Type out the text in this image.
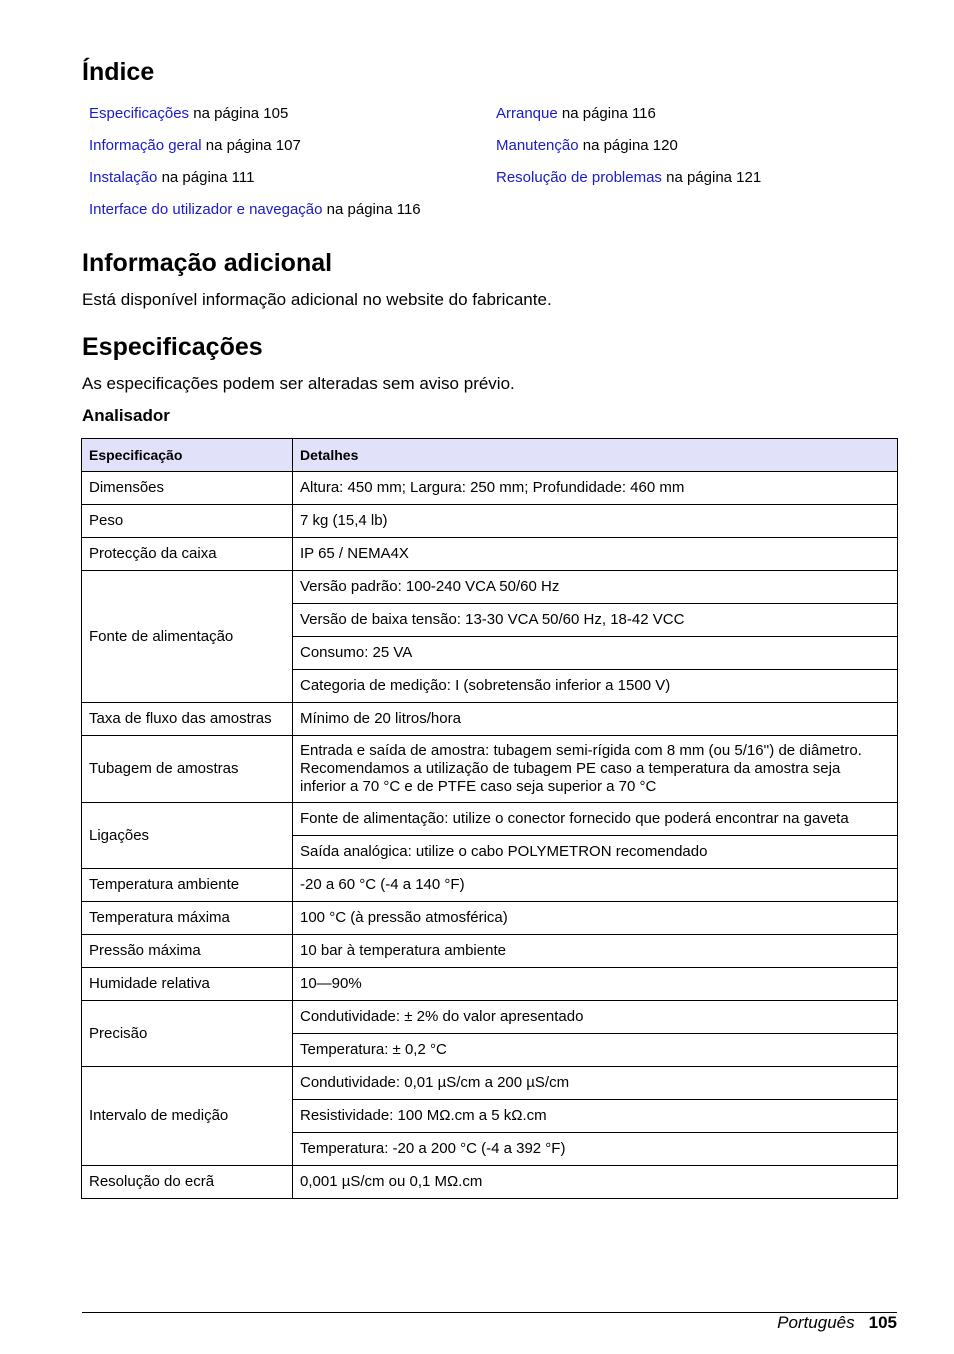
Índice
Especificações na página 105
Informação geral na página 107
Instalação na página 111
Interface do utilizador e navegação na página 116
Arranque na página 116
Manutenção na página 120
Resolução de problemas na página 121
Informação adicional

Está disponível informação adicional no website do fabricante.

Especificações

As especificações podem ser alteradas sem aviso prévio.

Analisador
Especificação	Detalhes
Dimensões	Altura: 450 mm; Largura: 250 mm; Profundidade: 460 mm
Peso	7 kg (15,4 lb)
Protecção da caixa	IP 65 / NEMA4X
Fonte de alimentação	Versão padrão: 100-240 VCA 50/60 Hz
	Versão de baixa tensão: 13-30 VCA 50/60 Hz, 18-42 VCC
	Consumo: 25 VA
	Categoria de medição: I (sobretensão inferior a 1500 V)
Taxa de fluxo das amostras	Mínimo de 20 litros/hora
Tubagem de amostras	Entrada e saída de amostra: tubagem semi-rígida com 8 mm (ou 5/16'') de diâmetro. Recomendamos a utilização de tubagem PE caso a temperatura da amostra seja inferior a 70 °C e de PTFE caso seja superior a 70 °C
Ligações	Fonte de alimentação: utilize o conector fornecido que poderá encontrar na gaveta
	Saída analógica: utilize o cabo POLYMETRON recomendado
Temperatura ambiente	-20 a 60 °C (-4 a 140 °F)
Temperatura máxima	100 °C (à pressão atmosférica)
Pressão máxima	10 bar à temperatura ambiente
Humidade relativa	10—90%
Precisão	Condutividade: ± 2% do valor apresentado
	Temperatura: ± 0,2 °C
Intervalo de medição	Condutividade: 0,01 µS/cm a 200 µS/cm
	Resistividade: 100 MΩ.cm a 5 kΩ.cm
	Temperatura: -20 a 200 °C (-4 a 392 °F)
Resolução do ecrã	0,001 µS/cm ou 0,1 MΩ.cm
Português 105
